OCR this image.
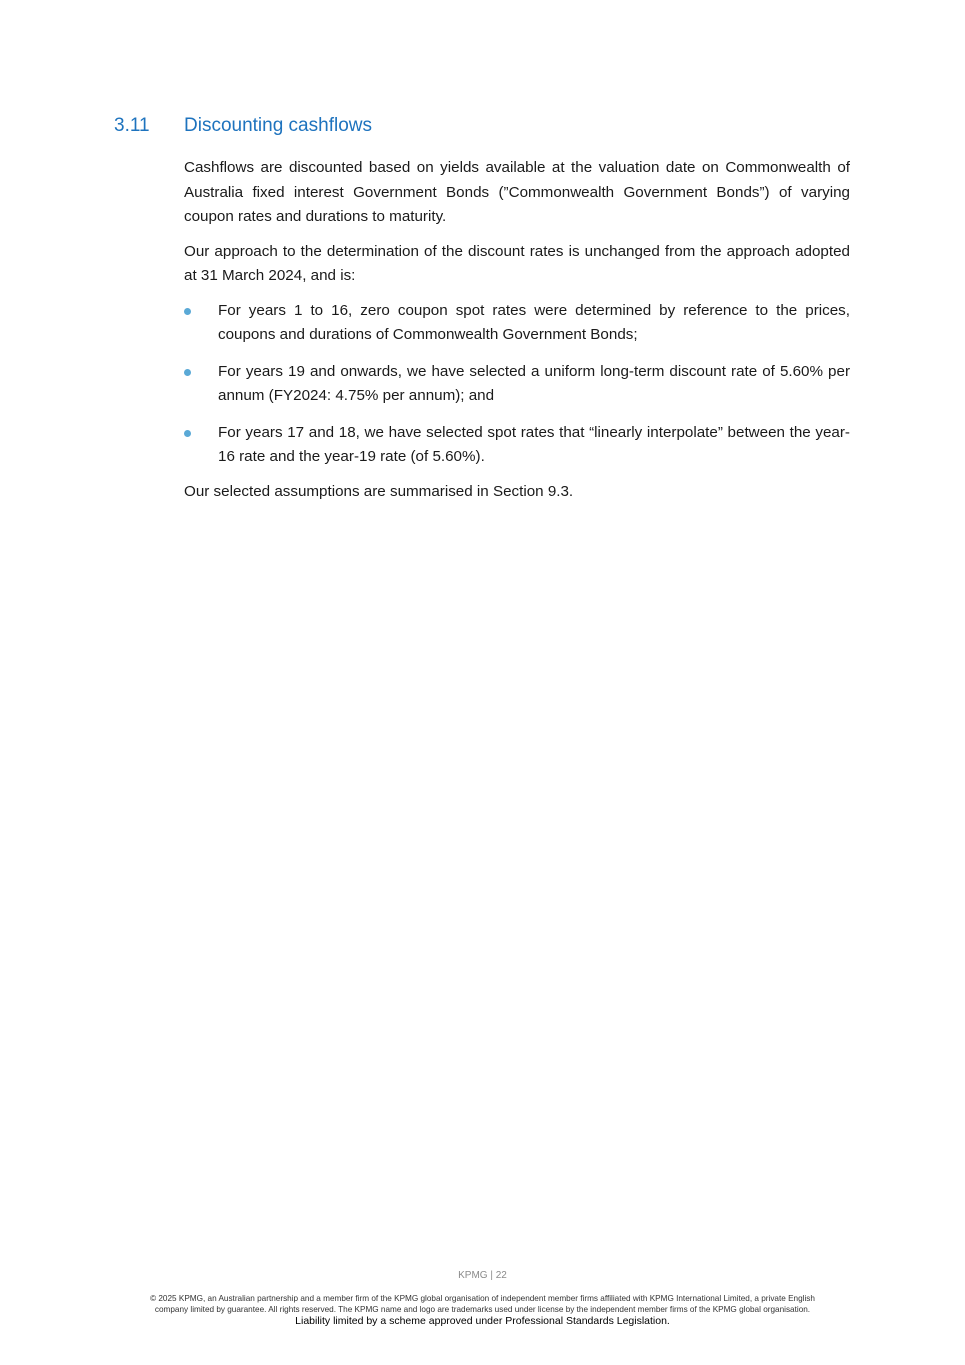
3.11	Discounting cashflows

Cashflows are discounted based on yields available at the valuation date on Commonwealth of Australia fixed interest Government Bonds (”Commonwealth Government Bonds”) of varying coupon rates and durations to maturity.

Our approach to the determination of the discount rates is unchanged from the approach adopted at 31 March 2024, and is:

For years 1 to 16, zero coupon spot rates were determined by reference to the prices, coupons and durations of Commonwealth Government Bonds;
For years 19 and onwards, we have selected a uniform long-term discount rate of 5.60% per annum (FY2024: 4.75% per annum); and
For years 17 and 18, we have selected spot rates that “linearly interpolate” between the year-16 rate and the year-19 rate (of 5.60%).

Our selected assumptions are summarised in Section 9.3.

KPMG | 22
© 2025 KPMG, an Australian partnership and a member firm of the KPMG global organisation of independent member firms affiliated with KPMG International Limited, a private English
company limited by guarantee. All rights reserved. The KPMG name and logo are trademarks used under license by the independent member firms of the KPMG global organisation.
Liability limited by a scheme approved under Professional Standards Legislation.
